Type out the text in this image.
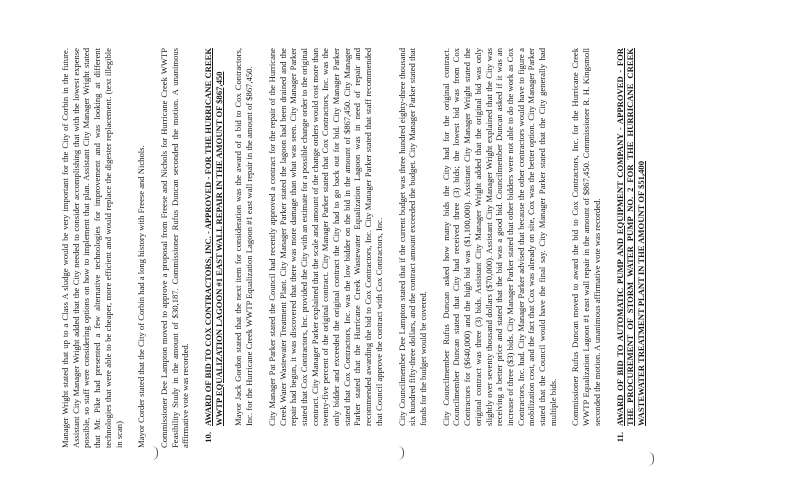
Manager Wright stated that up to a Class A sludge would be very important for the City of Corbin in the future. Assistant City Manager Wright added that the City needed to consider accomplishing that with the lowest expense possible, so staff were considering options on how to implement that plan. Assistant City Manager Wright stated that Mr. Pike had presented a few alternative technologies for improvement and was looking at different technologies that were able to be cheaper, more efficient and would replace the digester replacement. (text illegible in scan) Mayor Corder stated that the City of Corbin had a long history with Freese and Nichols. Commissioner Dee Lampton moved to approve a proposal from Freese and Nichols for Hurricane Creek WWTP Feasibility Study in the amount of $30,187. Commissioner Rufus Duncan seconded the motion. A unanimous affirmative vote was recorded. 10.
AWARD OF BID TO COX CONTRACTORS, INC. - APPROVED - FOR THE HURRICANE CREEK WWTP EQUALIZATION LAGOON #1 EAST WALL REPAIR IN THE AMOUNT OF $867,450 Mayor Jack Gordon stated that the next item for consideration was the award of a bid to Cox Contractors, Inc. for the Hurricane Creek WWTP Equalization Lagoon #1 east wall repair in the amount of $867,450. City Manager Pat Parker stated the Council had recently approved a contract for the repair of the Hurricane Creek Water Wastewater Treatment Plant. City Manager Parker stated the lagoon had been drained and the repair had begun, it was discovered that there was more damage than what was seen. City Manager Parker stated that Cox Contractors, Inc. provided the City with an estimate for a possible change order to the original contract. City Manager Parker explained that the scale and amount of the change orders would cost more than twenty-five percent of the original contract. City Manager Parker stated that Cox Contractors, Inc. was the only bidder and exceeded the original contract the City had to go back out for bid. City Manager Parker stated that Cox Contractors, Inc. was the low bidder on the bid in the amount of $867,450. City Manager Parker stated that the Hurricane Creek Wastewater Equalization Lagoon was in need of repair and recommended awarding the bid to Cox Contractors, Inc. City Manager Parker stated that staff recommended that Council approve the contract with Cox Contractors, Inc. City Councilmember Dee Lampton stated that if the current budget was three hundred eighty-three thousand six hundred fifty-three dollars, and the contract amount exceeded the budget. City Manager Parker stated that funds for the budget would be covered. City Councilmember Rufus Duncan asked how many bids the City had for the original contract. Councilmember Duncan stated that City had received three (3) bids; the lowest bid was from Cox Contractors for ($640,000) and the high bid was ($1,100,000). Assistant City Manager Wright stated the original contract was three (3) bids. Assistant City Manager Wright added that the original bid was only slightly over seventy thousand dollars ($70,000). Assistant City Manager Wright explained that the City was receiving a better price and stated that the bid was a good bid. Councilmember Duncan asked if it was an increase of three ($3) bids. City Manager Parker stated that other bidders were not able to do the work as Cox Contractors, Inc. had. City Manager Parker advised that because the other contractors would have to figure a mobilization cost, and the fact that Cox was already on site, Cox was the better option. City Manager Parker stated that the Council would have the final say. City Manager Parker stated that the City generally had multiple bids. Commissioner Rufus Duncan moved to award the bid to Cox Contractors, Inc. for the Hurricane Creek WWTP Equalization Lagoon #1 east wall repair in the amount of $867,450. Commissioner R. H. Kingsmoll seconded the motion. A unanimous affirmative vote was recorded.

11.
AWARD OF BID TO AUTOMATIC PUMP AND EQUIPMENT COMPANY - APPROVED - FOR THE PROCUREMENT OF STORM WATER PUMP NO. 2 FOR THE HURRICANE CREEK WASTEWATER TREATMENT PLANT IN THE AMOUNT OF $51,400
